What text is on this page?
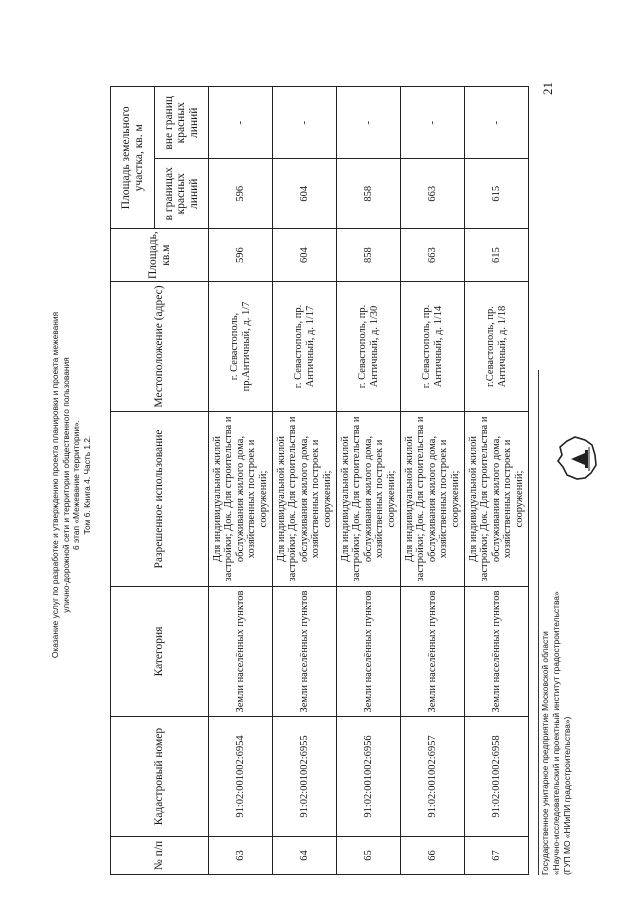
Оказание услуг по разработке и утверждению проекта планировки и проекта межевания улично-дорожной сети и территории общественного пользования 6 этап «Межевание территории». Том 6. Книга 4. Часть 1.2.
21
№ п/п	Кадастровый номер	Категория	Разрешенное использование	Местоположение (адрес)	Площадь, кв.м	Площадь земельного участка, кв. м	
						в границах красных линий	вне границ красных линий
63	91:02:001002:6954	Земли населённых пунктов	Для индивидуальной жилой застройки; Док. Для строительства и обслуживания жилого дома, хозяйственных построек и сооружений;	г. Севастополь, пр.Античный, д. 1/7	596	596	-
64	91:02:001002:6955	Земли населённых пунктов	Для индивидуальной жилой застройки; Док. Для строительства и обслуживания жилого дома, хозяйственных построек и сооружений;	г. Севастополь, пр. Античный, д. 1/17	604	604	-
65	91:02:001002:6956	Земли населённых пунктов	Для индивидуальной жилой застройки; Док. Для строительства и обслуживания жилого дома, хозяйственных построек и сооружений;	г. Севастополь, пр. Античный, д. 1/30	858	858	-
66	91:02:001002:6957	Земли населённых пунктов	Для индивидуальной жилой застройки; Док. Для строительства и обслуживания жилого дома, хозяйственных построек и сооружений;	г. Севастополь, пр. Античный, д. 1/14	663	663	-
67	91:02:001002:6958	Земли населённых пунктов	Для индивидуальной жилой застройки; Док. Для строительства и обслуживания жилого дома, хозяйственных построек и сооружений;	г.Севастополь, пр. Античный, д. 1/18	615	615	-
Государственное унитарное предприятие Московской области «Научно-исследовательский и проектный институт градостроительства» (ГУП МО «НИиПИ градостроительства»)
